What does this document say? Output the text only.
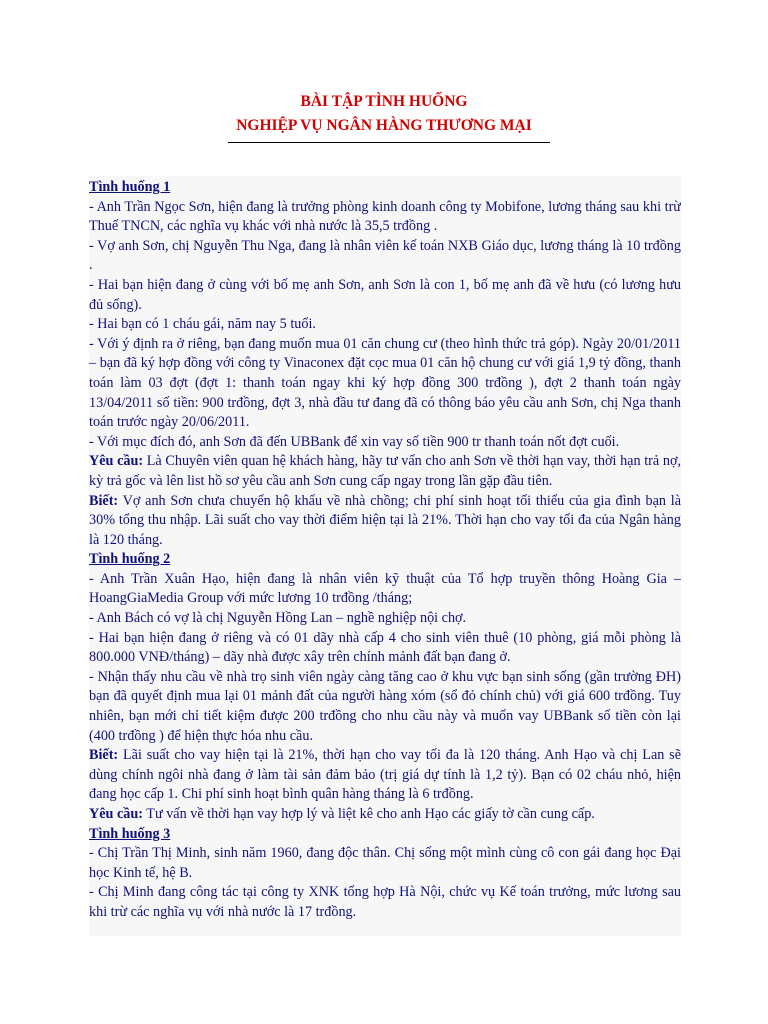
BÀI TẬP TÌNH HUỐNG

NGHIỆP VỤ NGÂN HÀNG THƯƠNG MẠI

Tình huống 1

- Anh Trần Ngọc Sơn, hiện đang là trưởng phòng kinh doanh công ty Mobifone, lương tháng sau khi trừ Thuế TNCN, các nghĩa vụ khác với nhà nước là 35,5 trđồng .

- Vợ anh Sơn, chị Nguyễn Thu Nga, đang là nhân viên kế toán NXB Giáo dục, lương tháng là 10 trđồng .

- Hai bạn hiện đang ở cùng với bố mẹ anh Sơn, anh Sơn là con 1, bố mẹ anh đã về hưu (có lương hưu đủ sống).

- Hai bạn có 1 cháu gái, năm nay 5 tuổi.

- Với ý định ra ở riêng, bạn đang muốn mua 01 căn chung cư (theo hình thức trả góp). Ngày 20/01/2011 – bạn đã ký hợp đồng với công ty Vinaconex đặt cọc mua 01 căn hộ chung cư với giá 1,9 tỷ đồng, thanh toán làm 03 đợt (đợt 1: thanh toán ngay khi ký hợp đồng 300 trđồng ), đợt 2 thanh toán ngày 13/04/2011 số tiền: 900 trđồng, đợt 3, nhà đầu tư đang đã có thông báo yêu cầu anh Sơn, chị Nga thanh toán trước ngày 20/06/2011.

- Với mục đích đó, anh Sơn đã đến UBBank để xin vay số tiền 900 tr thanh toán nốt đợt cuối.

Yêu cầu: Là Chuyên viên quan hệ khách hàng, hãy tư vấn cho anh Sơn về thời hạn vay, thời hạn trả nợ, kỳ trả gốc và lên list hồ sơ yêu cầu anh Sơn cung cấp ngay trong lần gặp đầu tiên.

Biết: Vợ anh Sơn chưa chuyển hộ khẩu về nhà chồng; chi phí sinh hoạt tối thiểu của gia đình bạn là 30% tổng thu nhập. Lãi suất cho vay thời điểm hiện tại là 21%. Thời hạn cho vay tối đa của Ngân hàng là 120 tháng.

Tình huống 2

- Anh Trần Xuân Hạo, hiện đang là nhân viên kỹ thuật của Tổ hợp truyền thông Hoàng Gia – HoangGiaMedia Group với mức lương 10 trđồng /tháng;

- Anh Bách có vợ là chị Nguyễn Hồng Lan – nghề nghiệp nội chợ.

- Hai bạn hiện đang ở riêng và có 01 dãy nhà cấp 4 cho sinh viên thuê (10 phòng, giá mỗi phòng là 800.000 VNĐ/tháng) – dãy nhà được xây trên chính mảnh đất bạn đang ở.

- Nhận thấy nhu cầu về nhà trọ sinh viên ngày càng tăng cao ở khu vực bạn sinh sống (gần trường ĐH) bạn đã quyết định mua lại 01 mảnh đất của người hàng xóm (sổ đỏ chính chủ) với giá 600 trđồng. Tuy nhiên, bạn mới chỉ tiết kiệm được 200 trđồng cho nhu cầu này và muốn vay UBBank số tiền còn lại (400 trđồng ) để hiện thực hóa nhu cầu.

Biết: Lãi suất cho vay hiện tại là 21%, thời hạn cho vay tối đa là 120 tháng. Anh Hạo và chị Lan sẽ dùng chính ngôi nhà đang ở làm tài sản đảm bảo (trị giá dự tính là 1,2 tỷ). Bạn có 02 cháu nhỏ, hiện đang học cấp 1. Chi phí sinh hoạt bình quân hàng tháng là 6 trđồng.

Yêu cầu: Tư vấn về thời hạn vay hợp lý và liệt kê cho anh Hạo các giấy tờ cần cung cấp.

Tình huống 3

- Chị Trần Thị Minh, sinh năm 1960, đang độc thân. Chị sống một mình cùng cô con gái đang học Đại học Kinh tế, hệ B.

- Chị Minh đang công tác tại công ty XNK tổng hợp Hà Nội, chức vụ Kế toán trưởng, mức lương sau khi trừ các nghĩa vụ với nhà nước là 17 trđồng.
